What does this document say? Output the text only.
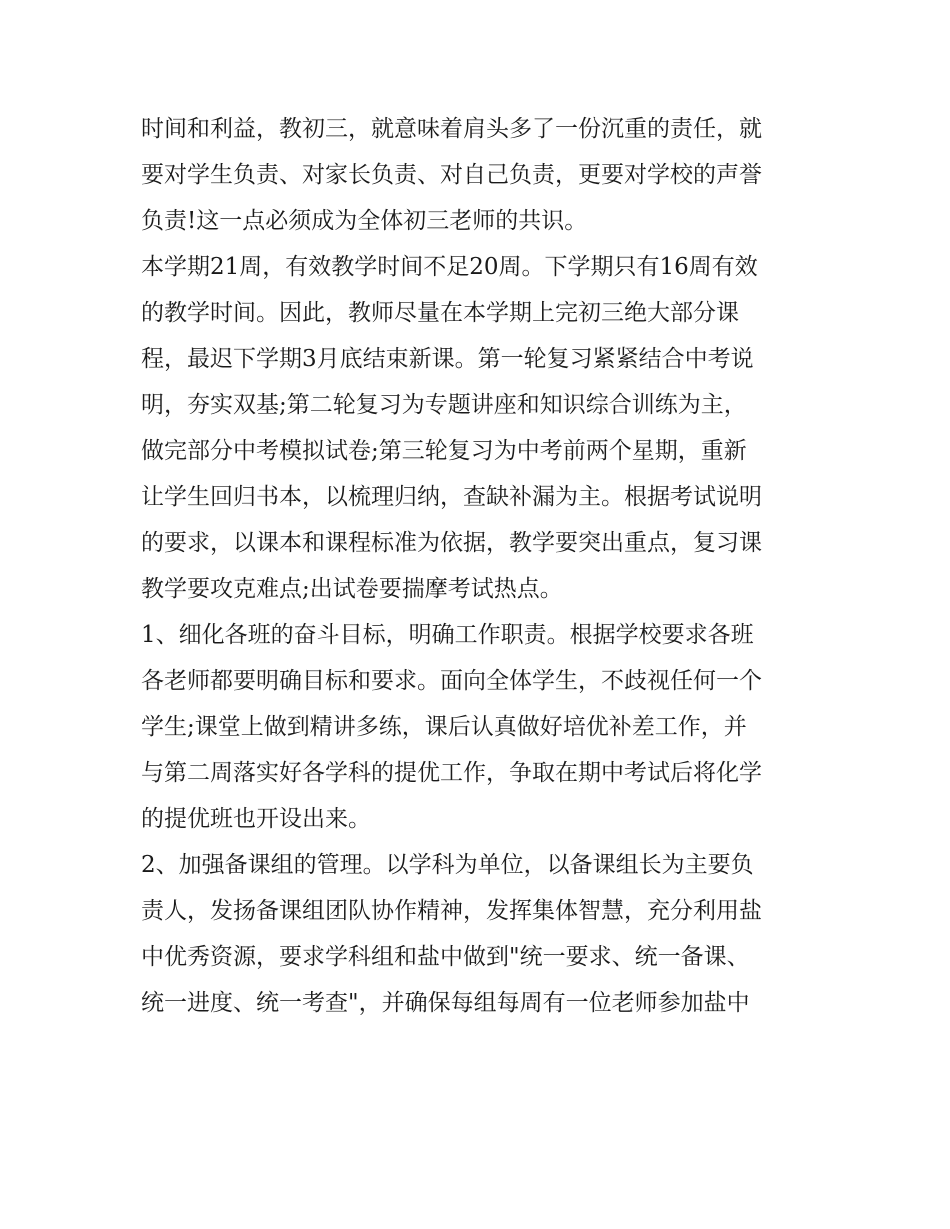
时间和利益，教初三，就意味着肩头多了一份沉重的责任，就
要对学生负责、对家长负责、对自己负责，更要对学校的声誉
负责!这一点必须成为全体初三老师的共识。
本学期21周，有效教学时间不足20周。下学期只有16周有效
的教学时间。因此，教师尽量在本学期上完初三绝大部分课
程，最迟下学期3月底结束新课。第一轮复习紧紧结合中考说
明，夯实双基;第二轮复习为专题讲座和知识综合训练为主，
做完部分中考模拟试卷;第三轮复习为中考前两个星期，重新
让学生回归书本，以梳理归纳，查缺补漏为主。根据考试说明
的要求，以课本和课程标准为依据，教学要突出重点，复习课
教学要攻克难点;出试卷要揣摩考试热点。
1、细化各班的奋斗目标，明确工作职责。根据学校要求各班
各老师都要明确目标和要求。面向全体学生，不歧视任何一个
学生;课堂上做到精讲多练，课后认真做好培优补差工作，并
与第二周落实好各学科的提优工作，争取在期中考试后将化学
的提优班也开设出来。
2、加强备课组的管理。以学科为单位，以备课组长为主要负
责人，发扬备课组团队协作精神，发挥集体智慧，充分利用盐
中优秀资源，要求学科组和盐中做到"统一要求、统一备课、
统一进度、统一考查"，并确保每组每周有一位老师参加盐中
